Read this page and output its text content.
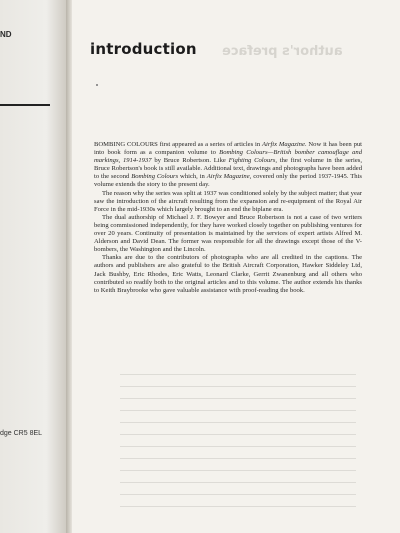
ND
dge CR5 8EL
introduction author's preface

BOMBING COLOURS first appeared as a series of articles in Airfix Magazine. Now it has been put into book form as a companion volume to Bombing Colours—British bomber camouflage and markings, 1914-1937 by Bruce Robertson. Like Fighting Colours, the first volume in the series, Bruce Robertson's book is still available. Additional text, drawings and photographs have been added to the second Bombing Colours which, in Airfix Magazine, covered only the period 1937-1945. This volume extends the story to the present day.

The reason why the series was split at 1937 was conditioned solely by the subject matter; that year saw the introduction of the aircraft resulting from the expansion and re-equipment of the Royal Air Force in the mid-1930s which largely brought to an end the biplane era.

The dual authorship of Michael J. F. Bowyer and Bruce Robertson is not a case of two writers being commissioned independently, for they have worked closely together on publishing ventures for over 20 years. Continuity of presentation is maintained by the services of expert artists Alfred M. Alderson and David Dean. The former was responsible for all the drawings except those of the V-bombers, the Washington and the Lincoln.

Thanks are due to the contributors of photographs who are all credited in the captions. The authors and publishers are also grateful to the British Aircraft Corporation, Hawker Siddeley Ltd, Jack Bushby, Eric Rhodes, Eric Watts, Leonard Clarke, Gerrit Zwanenburg and all others who contributed so readily both to the original articles and to this volume. The author extends his thanks to Keith Braybrooke who gave valuable assistance with proof-reading the book.
